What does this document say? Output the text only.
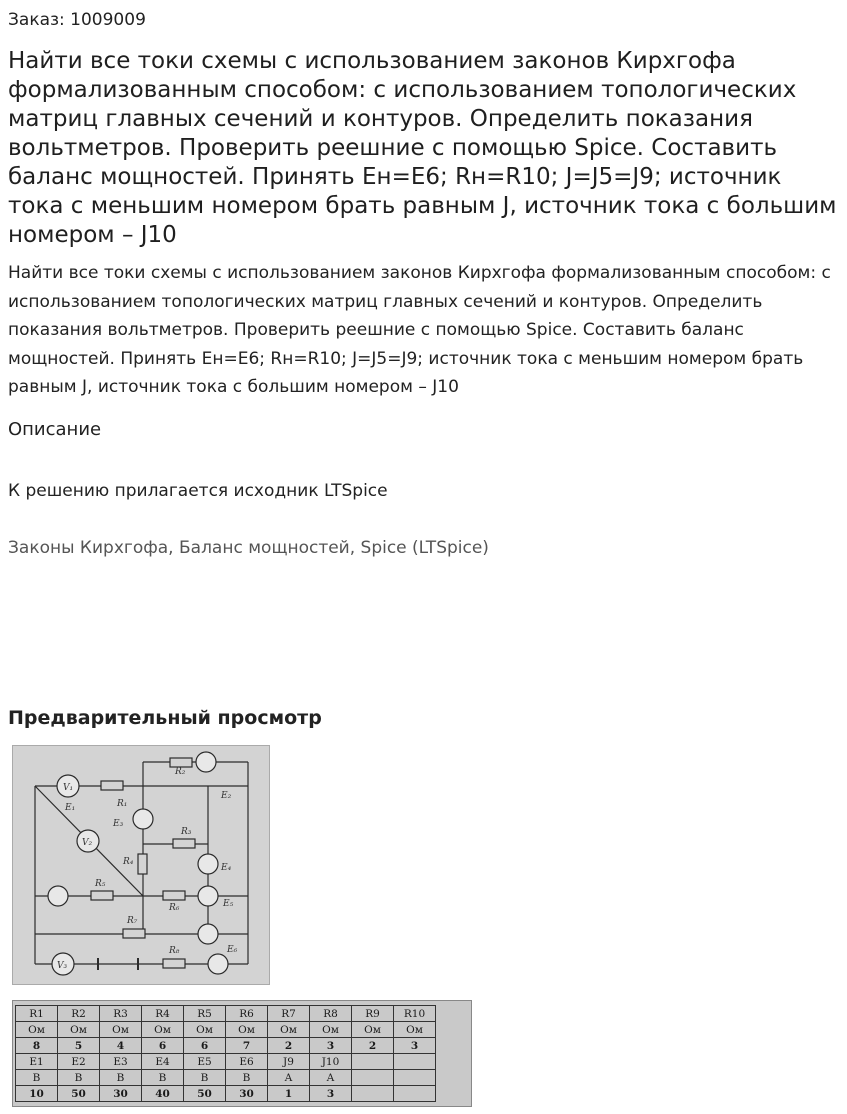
Заказ: 1009009
Найти все токи схемы с использованием законов Кирхгофа формализованным способом: с использованием топологических матриц главных сечений и контуров. Определить показания вольтметров. Проверить реешние с помощью Spice. Составить баланс мощностей. Принять Eн=E6; Rн=R10; J=J5=J9; источник тока с меньшим номером брать равным J, источник тока с большим номером – J10

Найти все токи схемы с использованием законов Кирхгофа формализованным способом: с использованием топологических матриц главных сечений и контуров. Определить показания вольтметров. Проверить реешние с помощью Spice. Составить баланс мощностей. Принять Eн=E6; Rн=R10; J=J5=J9; источник тока с меньшим номером брать равным J, источник тока с большим номером – J10

Описание
К решению прилагается исходник LTSpice
Законы Кирхгофа, Баланс мощностей, Spice (LTSpice)
Предварительный просмотр
V₁
V₂
V₃
R₁
R₂
R₃
R₄
R₅
R₆
R₇
R₈
E₁
E₂
E₃
E₄
E₅
E₆
R1	R2	R3	R4	R5	R6	R7	R8	R9	R10
Ом	Ом	Ом	Ом	Ом	Ом	Ом	Ом	Ом	Ом
8	5	4	6	6	7	2	3	2	3
E1	E2	E3	E4	E5	E6	J9	J10		
В	В	В	В	В	В	А	А		
10	50	30	40	50	30	1	3		
